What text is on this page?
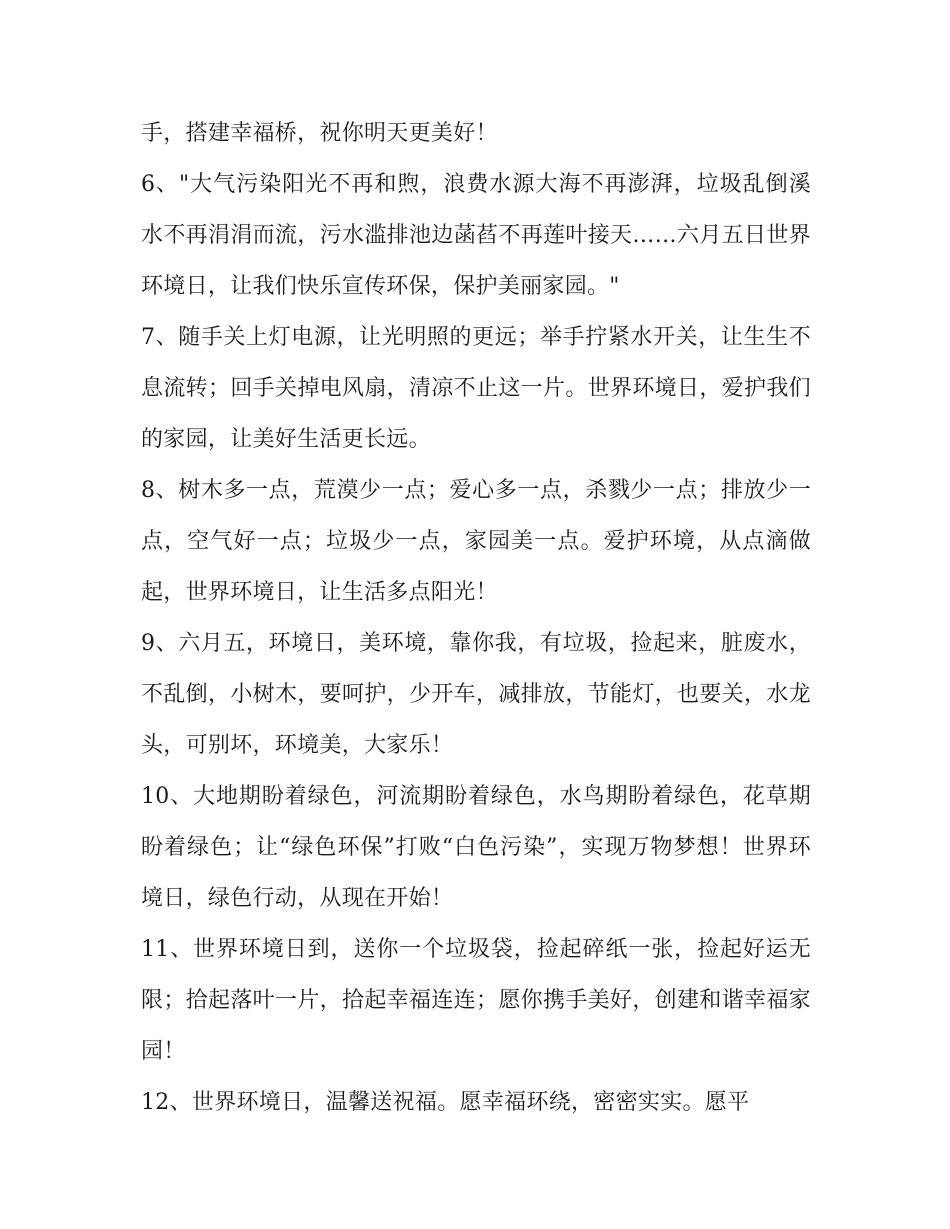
手，搭建幸福桥，祝你明天更美好！

6、"大气污染阳光不再和煦，浪费水源大海不再澎湃，垃圾乱倒溪水不再涓涓而流，污水滥排池边菡萏不再莲叶接天……六月五日世界环境日，让我们快乐宣传环保，保护美丽家园。"

7、随手关上灯电源，让光明照的更远；举手拧紧水开关，让生生不息流转；回手关掉电风扇，清凉不止这一片。世界环境日，爱护我们的家园，让美好生活更长远。

8、树木多一点，荒漠少一点；爱心多一点，杀戮少一点；排放少一点，空气好一点；垃圾少一点，家园美一点。爱护环境，从点滴做起，世界环境日，让生活多点阳光！

9、六月五，环境日，美环境，靠你我，有垃圾，捡起来，脏废水，不乱倒，小树木，要呵护，少开车，减排放，节能灯，也要关，水龙头，可别坏，环境美，大家乐！

10、大地期盼着绿色，河流期盼着绿色，水鸟期盼着绿色，花草期盼着绿色；让“绿色环保”打败“白色污染”，实现万物梦想！世界环境日，绿色行动，从现在开始！

11、世界环境日到，送你一个垃圾袋，捡起碎纸一张，捡起好运无限；拾起落叶一片，拾起幸福连连；愿你携手美好，创建和谐幸福家园！

12、世界环境日，温馨送祝福。愿幸福环绕，密密实实。愿平
